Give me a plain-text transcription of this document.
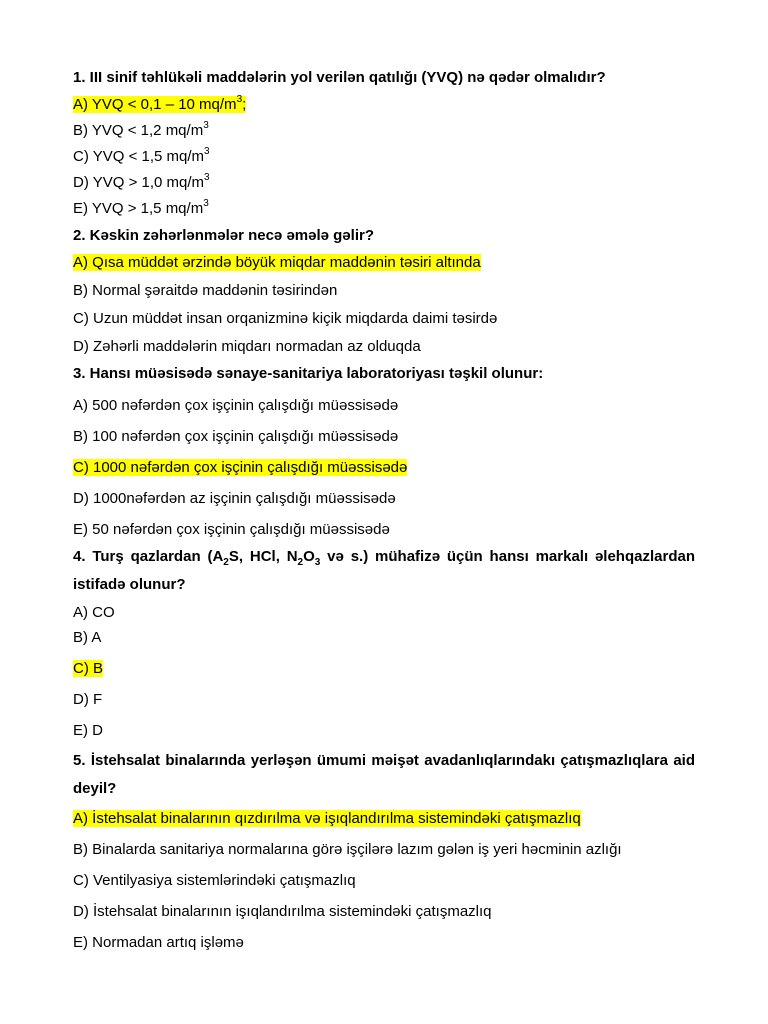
1. III sinif təhlükəli maddələrin yol verilən qatılığı (YVQ) nə qədər olmalıdır?
A) YVQ < 0,1 – 10 $mq/m^3$;
B) YVQ < 1,2 $mq/m^3$
C) YVQ < 1,5 $mq/m^3$
D) YVQ > 1,0 $mq/m^3$
E) YVQ > 1,5 $mq/m^3$
2. Kəskin zəhərlənmələr necə əmələ gəlir?
A) Qısa müddət ərzində böyük miqdar maddənin təsiri altında
B) Normal şəraitdə maddənin təsirindən
C) Uzun müddət insan orqanizminə kiçik miqdarda daimi təsirdə
D) Zəhərli maddələrin miqdarı normadan az olduqda
3. Hansı müəsisədə sənaye-sanitariya laboratoriyası təşkil olunur:
A) 500 nəfərdən çox işçinin çalışdığı müəssisədə
B) 100 nəfərdən çox işçinin çalışdığı müəssisədə
C) 1000 nəfərdən çox işçinin çalışdığı müəssisədə
D) 1000nəfərdən az işçinin çalışdığı müəssisədə
E) 50 nəfərdən çox işçinin çalışdığı müəssisədə
4. Turş qazlardan ($A_2S$, HCl, $N_2O_3$ və s.) mühafizə üçün hansı markalı əlehqazlardan istifadə olunur?
A) CO
B) A
C) B
D) F
E) D
5. İstehsalat binalarında yerləşən ümumi məişət avadanlıqlarındakı çatışmazlıqlara aid deyil?
A) İstehsalat binalarının qızdırılma və işıqlandırılma sistemindəki çatışmazlıq
B) Binalarda sanitariya normalarına görə işçilərə lazım gələn iş yeri həcminin azlığı
C) Ventilyasiya sistemlərindəki çatışmazlıq
D) İstehsalat binalarının işıqlandırılma sistemindəki çatışmazlıq
E) Normadan artıq işləmə
